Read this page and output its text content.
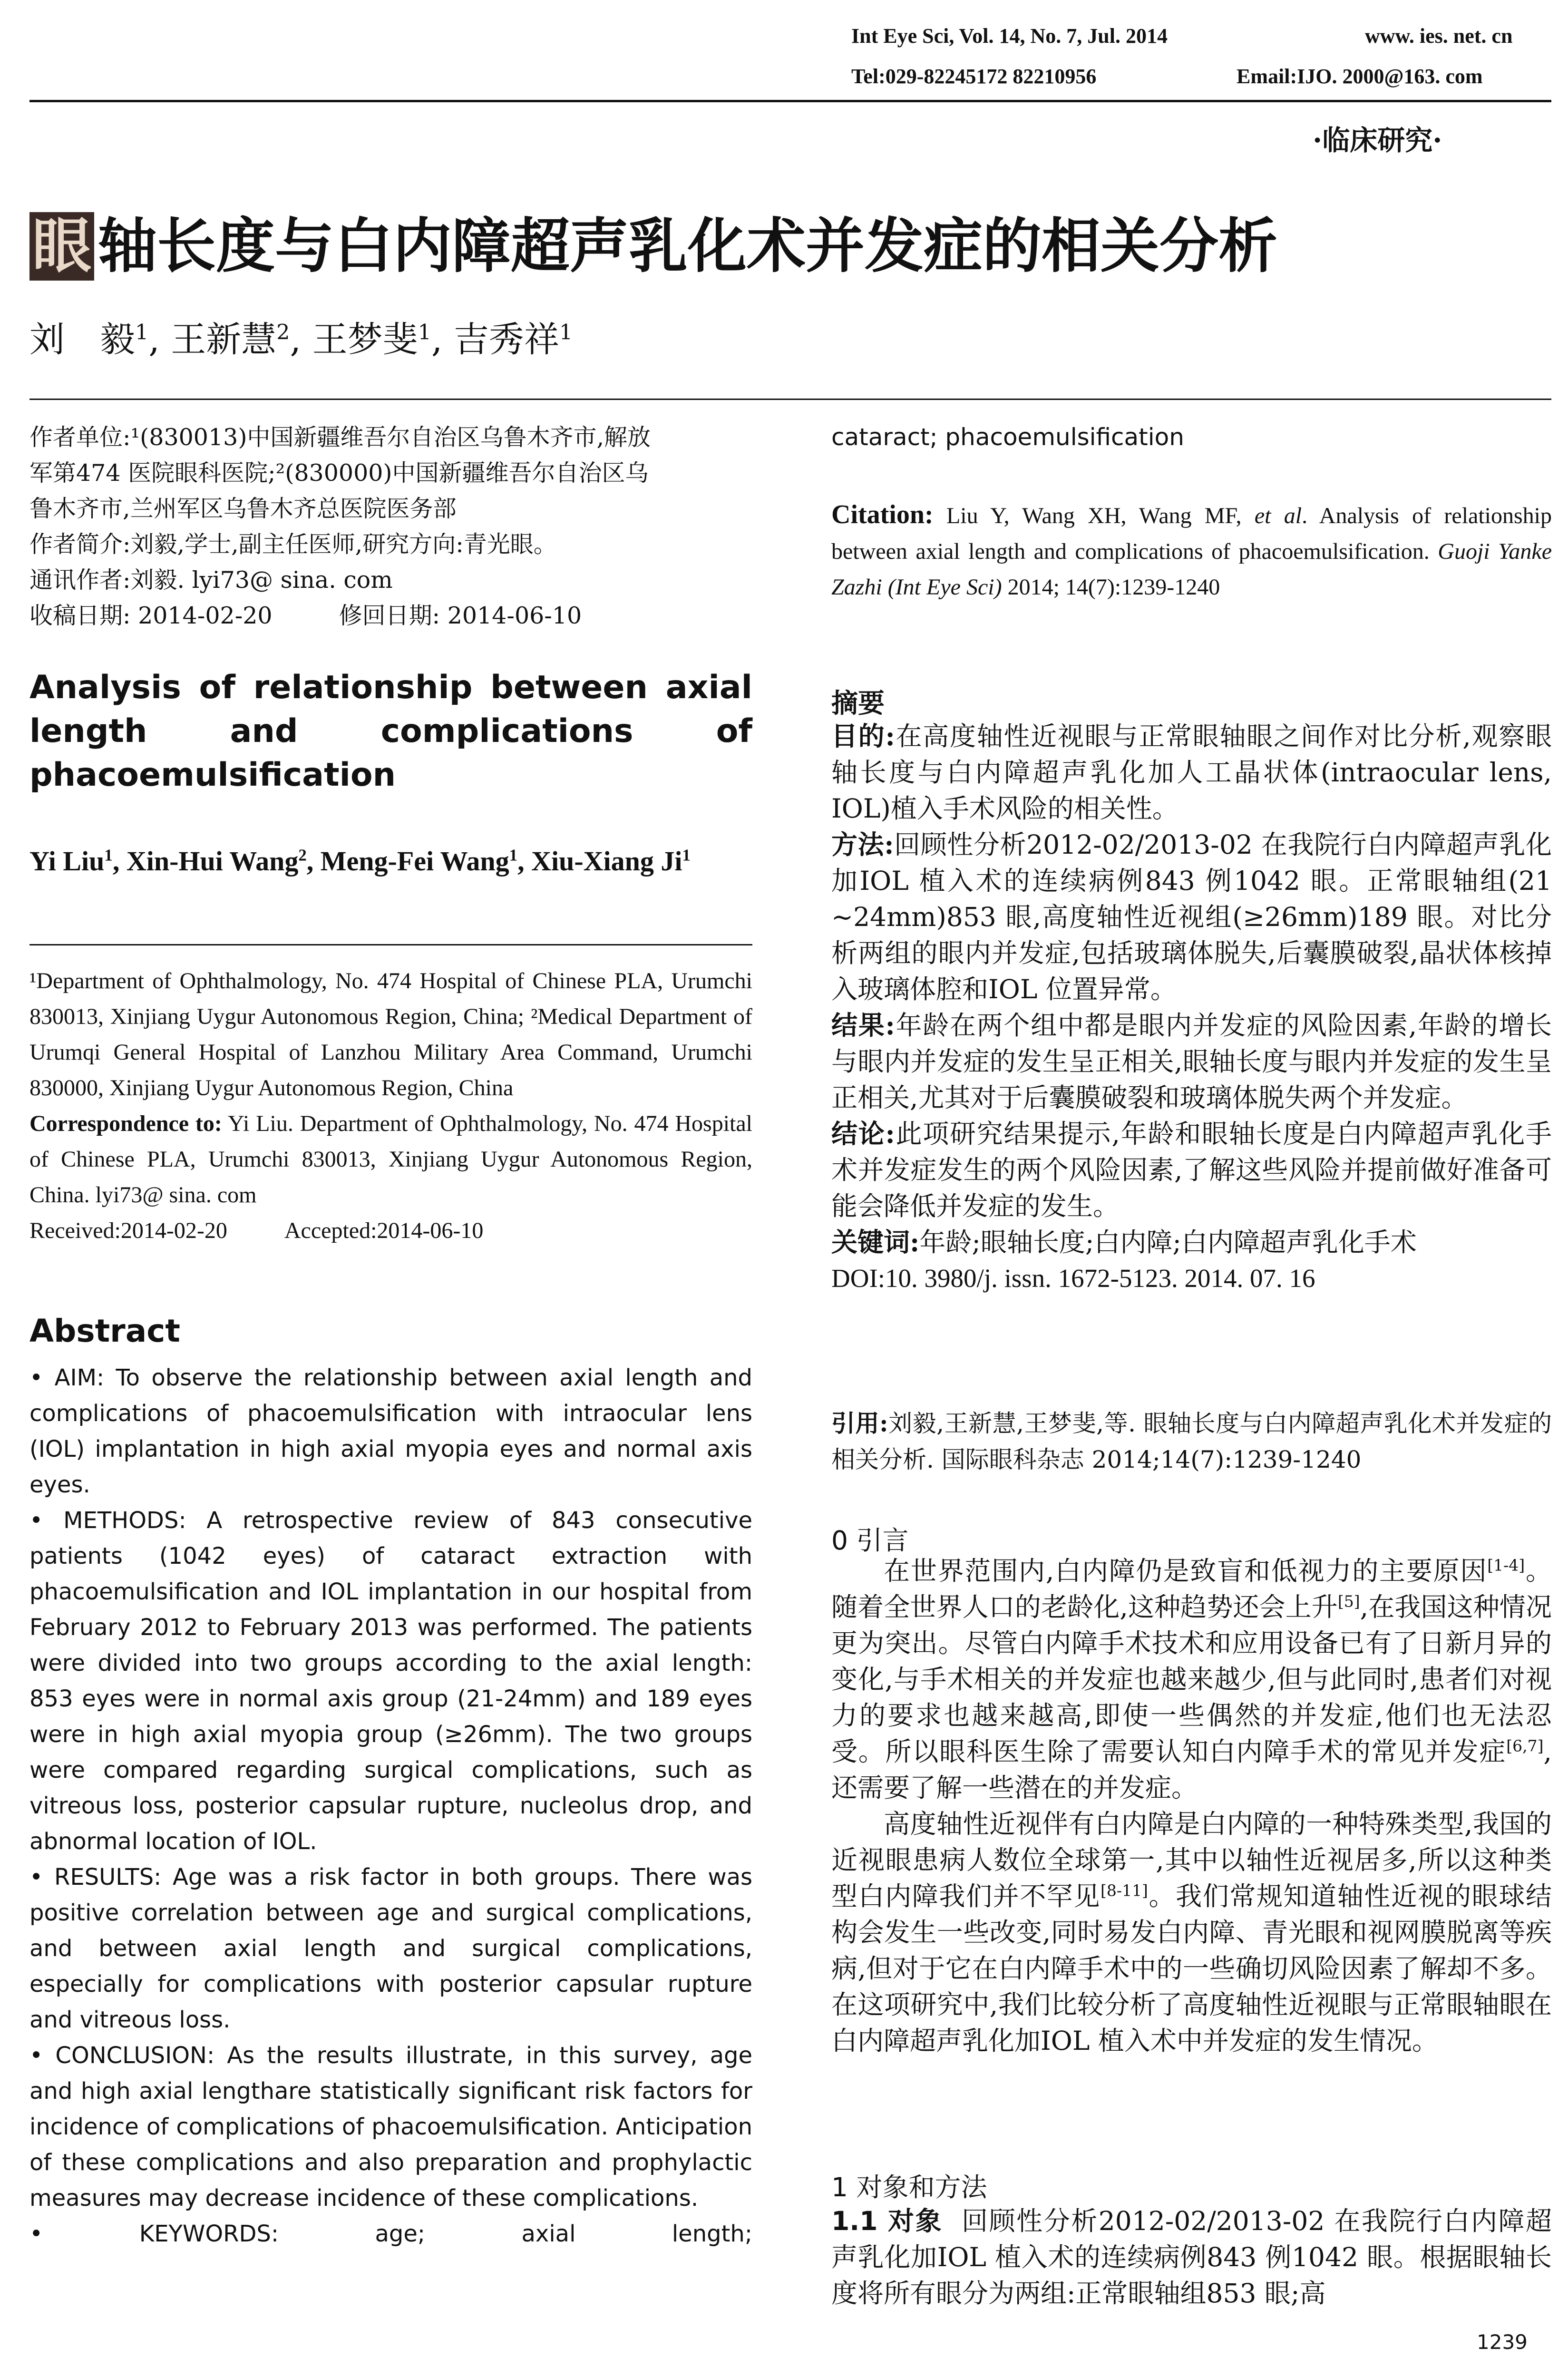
Int Eye Sci, Vol. 14, No. 7, Jul. 2014	www. ies. net. cn
Tel:029-82245172 82210956	Email:IJO. 2000@163. com
·临床研究·
眼 轴长度与白内障超声乳化术并发症的相关分析
刘　毅$^1$, 王新慧$^2$, 王梦斐$^1$, 吉秀祥$^1$

作者单位:¹(830013)中国新疆维吾尔自治区乌鲁木齐市,解放

军第474 医院眼科医院;²(830000)中国新疆维吾尔自治区乌

鲁木齐市,兰州军区乌鲁木齐总医院医务部

作者简介:刘毅,学士,副主任医师,研究方向:青光眼。

通讯作者:刘毅. lyi73@ sina. com

收稿日期: 2014-02-20	修回日期: 2014-06-10

Analysis of relationship between axial length and complications of phacoemulsification
Yi Liu$^1$, Xin-Hui Wang$^2$, Meng-Fei Wang$^1$, Xiu-Xiang Ji$^1$

¹Department of Ophthalmology, No. 474 Hospital of Chinese PLA, Urumchi 830013, Xinjiang Uygur Autonomous Region, China; ²Medical Department of Urumqi General Hospital of Lanzhou Military Area Command, Urumchi 830000, Xinjiang Uygur Autonomous Region, China

Correspondence to: Yi Liu. Department of Ophthalmology, No. 474 Hospital of Chinese PLA, Urumchi 830013, Xinjiang Uygur Autonomous Region, China. lyi73@ sina. com

Received:2014-02-20	Accepted:2014-06-10

Abstract

• AIM: To observe the relationship between axial length and complications of phacoemulsification with intraocular lens (IOL) implantation in high axial myopia eyes and normal axis eyes.

• METHODS: A retrospective review of 843 consecutive patients (1042 eyes) of cataract extraction with phacoemulsification and IOL implantation in our hospital from February 2012 to February 2013 was performed. The patients were divided into two groups according to the axial length: 853 eyes were in normal axis group (21-24mm) and 189 eyes were in high axial myopia group (≥26mm). The two groups were compared regarding surgical complications, such as vitreous loss, posterior capsular rupture, nucleolus drop, and abnormal location of IOL.

• RESULTS: Age was a risk factor in both groups. There was positive correlation between age and surgical complications, and between axial length and surgical complications, especially for complications with posterior capsular rupture and vitreous loss.

• CONCLUSION: As the results illustrate, in this survey, age and high axial lengthare statistically significant risk factors for incidence of complications of phacoemulsification. Anticipation of these complications and also preparation and prophylactic measures may decrease incidence of these complications.

• KEYWORDS: age; axial length;

cataract; phacoemulsification

Citation: Liu Y, Wang XH, Wang MF, et al. Analysis of relationship between axial length and complications of phacoemulsification. Guoji Yanke Zazhi (Int Eye Sci) 2014; 14(7):1239-1240

摘要

目的:在高度轴性近视眼与正常眼轴眼之间作对比分析,观察眼轴长度与白内障超声乳化加人工晶状体(intraocular lens, IOL)植入手术风险的相关性。

方法:回顾性分析2012-02/2013-02 在我院行白内障超声乳化加IOL 植入术的连续病例843 例1042 眼。正常眼轴组(21 ~24mm)853 眼,高度轴性近视组(≥26mm)189 眼。对比分析两组的眼内并发症,包括玻璃体脱失,后囊膜破裂,晶状体核掉入玻璃体腔和IOL 位置异常。

结果:年龄在两个组中都是眼内并发症的风险因素,年龄的增长与眼内并发症的发生呈正相关,眼轴长度与眼内并发症的发生呈正相关,尤其对于后囊膜破裂和玻璃体脱失两个并发症。

结论:此项研究结果提示,年龄和眼轴长度是白内障超声乳化手术并发症发生的两个风险因素,了解这些风险并提前做好准备可能会降低并发症的发生。

关键词:年龄;眼轴长度;白内障;白内障超声乳化手术

DOI:10. 3980/j. issn. 1672-5123. 2014. 07. 16

引用:刘毅,王新慧,王梦斐,等. 眼轴长度与白内障超声乳化术并发症的相关分析. 国际眼科杂志 2014;14(7):1239-1240

0 引言

在世界范围内,白内障仍是致盲和低视力的主要原因[1-4]。随着全世界人口的老龄化,这种趋势还会上升[5],在我国这种情况更为突出。尽管白内障手术技术和应用设备已有了日新月异的变化,与手术相关的并发症也越来越少,但与此同时,患者们对视力的要求也越来越高,即使一些偶然的并发症,他们也无法忍受。所以眼科医生除了需要认知白内障手术的常见并发症[6,7],还需要了解一些潜在的并发症。

高度轴性近视伴有白内障是白内障的一种特殊类型,我国的近视眼患病人数位全球第一,其中以轴性近视居多,所以这种类型白内障我们并不罕见[8-11]。我们常规知道轴性近视的眼球结构会发生一些改变,同时易发白内障、青光眼和视网膜脱离等疾病,但对于它在白内障手术中的一些确切风险因素了解却不多。在这项研究中,我们比较分析了高度轴性近视眼与正常眼轴眼在白内障超声乳化加IOL 植入术中并发症的发生情况。

1 对象和方法

1.1 对象 回顾性分析2012-02/2013-02 在我院行白内障超声乳化加IOL 植入术的连续病例843 例1042 眼。根据眼轴长度将所有眼分为两组:正常眼轴组853 眼;高

1239
